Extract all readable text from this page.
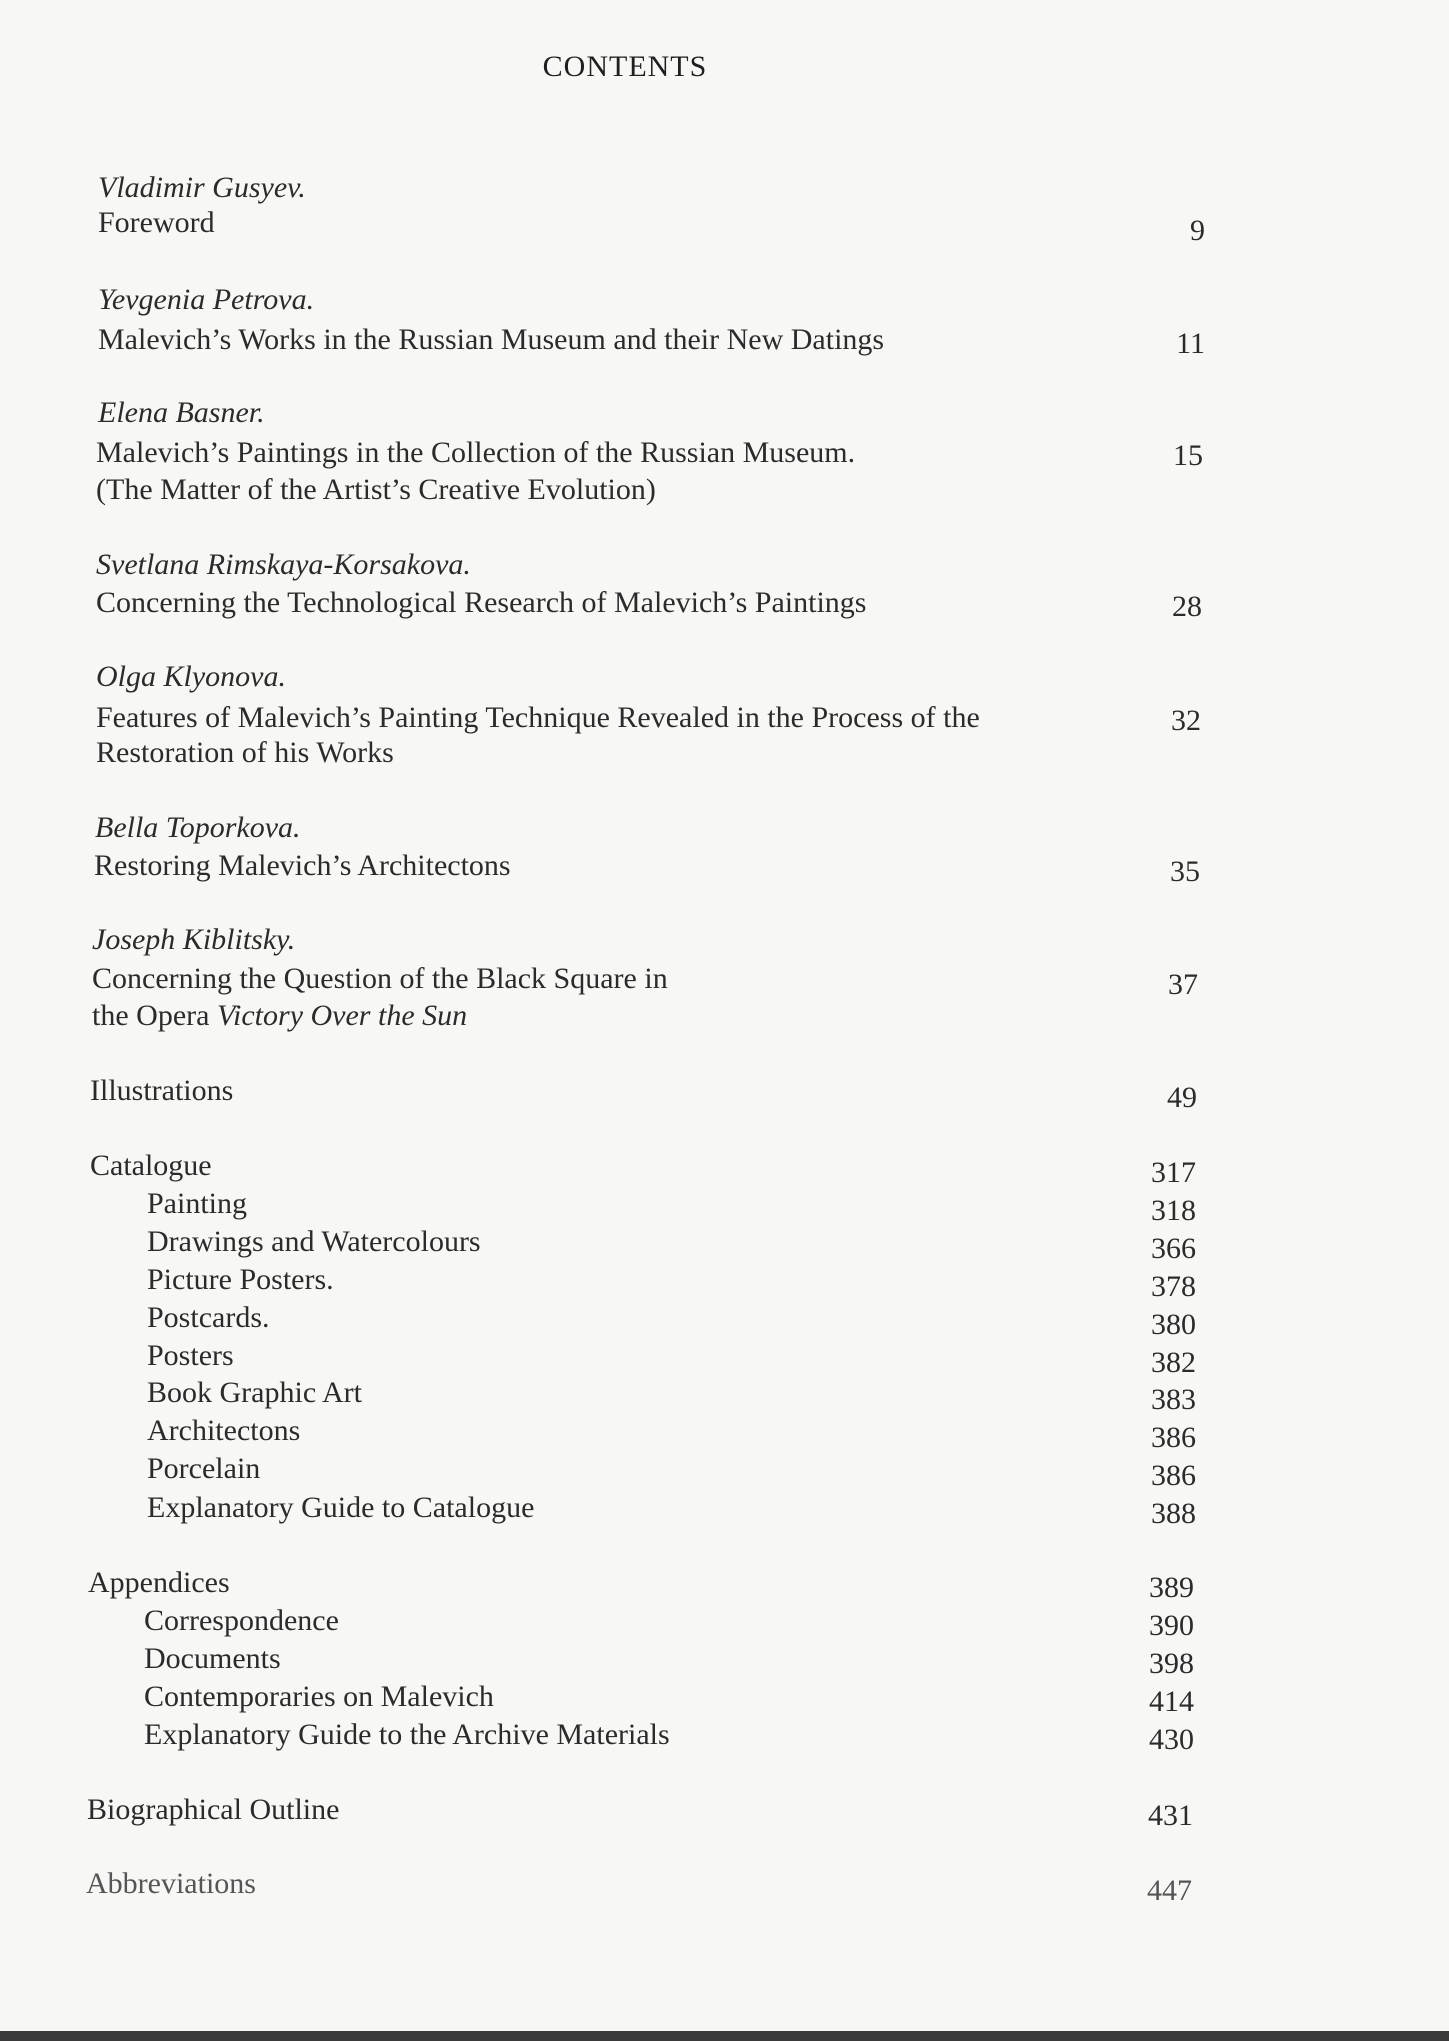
CONTENTS
Vladimir Gusyev.
Foreword	9
Yevgenia Petrova.
Malevich’s Works in the Russian Museum and their New Datings	11
Elena Basner.
Malevich’s Paintings in the Collection of the Russian Museum.
(The Matter of the Artist’s Creative Evolution)
15
Svetlana Rimskaya-Korsakova.
Concerning the Technological Research of Malevich’s Paintings	28
Olga Klyonova.
Features of Malevich’s Painting Technique Revealed in the Process of the
Restoration of his Works
32
Bella Toporkova.
Restoring Malevich’s Architectons	35
Joseph Kiblitsky.
Concerning the Question of the Black Square in
the Opera Victory Over the Sun
37
Illustrations	49
Catalogue	317
Painting	318
Drawings and Watercolours	366
Picture Posters.	378
Postcards.	380
Posters	382
Book Graphic Art	383
Architectons	386
Porcelain	386
Explanatory Guide to Catalogue	388
Appendices	389
Correspondence	390
Documents	398
Contemporaries on Malevich	414
Explanatory Guide to the Archive Materials	430
Biographical Outline	431
Abbreviations	447
